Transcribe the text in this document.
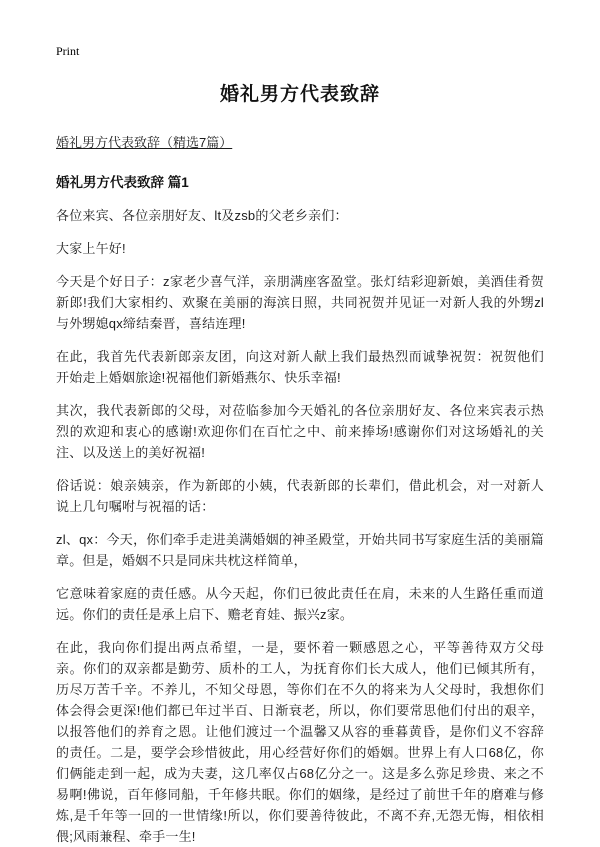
Print
婚礼男方代表致辞
婚礼男方代表致辞（精选7篇）
婚礼男方代表致辞 篇1

各位来宾、各位亲朋好友、lt及zsb的父老乡亲们：

大家上午好!

今天是个好日子：z家老少喜气洋，亲朋满座客盈堂。张灯结彩迎新娘，美酒佳肴贺新郎!我们大家相约、欢聚在美丽的海滨日照，共同祝贺并见证一对新人我的外甥zl与外甥媳qx缔结秦晋，喜结连理!

在此，我首先代表新郎亲友团，向这对新人献上我们最热烈而诚挚祝贺：祝贺他们开始走上婚姻旅途!祝福他们新婚燕尔、快乐幸福!

其次，我代表新郎的父母，对莅临参加今天婚礼的各位亲朋好友、各位来宾表示热烈的欢迎和衷心的感谢!欢迎你们在百忙之中、前来捧场!感谢你们对这场婚礼的关注、以及送上的美好祝福!

俗话说：娘亲姨亲，作为新郎的小姨，代表新郎的长辈们，借此机会，对一对新人说上几句嘱咐与祝福的话：

zl、qx：今天，你们牵手走进美满婚姻的神圣殿堂，开始共同书写家庭生活的美丽篇章。但是，婚姻不只是同床共枕这样简单，

它意味着家庭的责任感。从今天起，你们已彼此责任在肩，未来的人生路任重而道远。你们的责任是承上启下、赡老育娃、振兴z家。

在此，我向你们提出两点希望，一是，要怀着一颗感恩之心，平等善待双方父母亲。你们的双亲都是勤劳、质朴的工人，为抚育你们长大成人，他们已倾其所有，历尽万苦千辛。不养儿，不知父母恩，等你们在不久的将来为人父母时，我想你们体会得会更深!他们都已年过半百、日渐衰老，所以，你们要常思他们付出的艰辛，以报答他们的养育之恩。让他们渡过一个温馨又从容的垂暮黄昏，是你们义不容辞的责任。二是，要学会珍惜彼此，用心经营好你们的婚姻。世界上有人口68亿，你们俩能走到一起，成为夫妻，这几率仅占68亿分之一。这是多么弥足珍贵、来之不易啊!佛说，百年修同船，千年修共眠。你们的姻缘，是经过了前世千年的磨难与修炼,是千年等一回的一世情缘!所以，你们要善待彼此，不离不弃,无怨无悔，相依相偎;风雨兼程、牵手一生!
